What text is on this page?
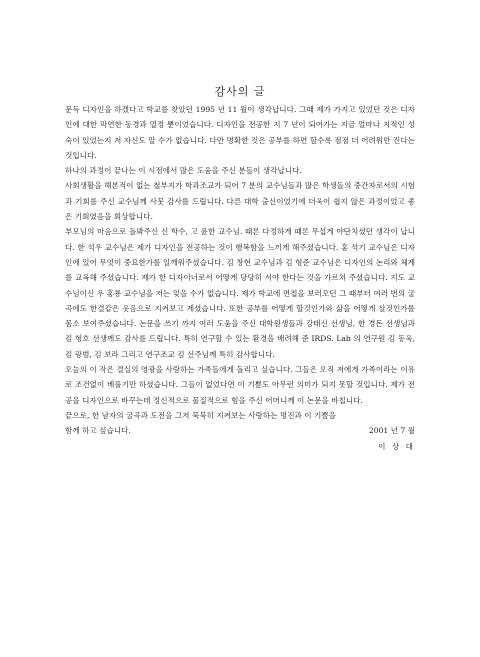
감사의 글

문득 디자인을 하겠다고 학교를 찾았던 1995 년 11 월이 생각납니다. 그때 제가 가지고 있었던 것은 디자인에 대한 막연한 동경과 열정 뿐이었습니다. 디자인을 전공한 지 7 년이 되어가는 지금 얼마나 지적인 성숙이 있었는지 저 자신도 알 수가 없습니다. 다만 명확한 것은 공부를 하면 할수록 점점 더 어려워만 진다는 것입니다.

하나의 과정이 끝나는 이 시점에서 많은 도움을 주신 분들이 생각납니다.

사회생활을 해본적이 없는 철부지가 학과조교가 되어 7 분의 교수님들과 많은 학생들의 중간자로서의 시험과 기회를 주신 교수님께 사뭇 감사를 드립니다. 다른 대학 출신이었기에 더욱이 쉽지 않은 과정이었고 좋은 기회였음을 회상합니다.

부모님의 마음으로 돌봐주신 신 학수, 고 윤한 교수님. 때론 다정하게 때론 무섭게 야단치셨던 생각이 납니다. 한 석우 교수님은 제가 디자인을 전공하는 것이 행복함을 느끼게 해주셨습니다. 홍 석기 교수님은 디자인에 있어 무엇이 중요한가를 일깨워주셨습니다. 김 창현 교수님과 김 형준 교수님은 디자인의 논리와 체계를 교육해 주셨습니다. 제가 한 디자이너로서 어떻게 당당히 서야 한다는 것을 가르쳐 주셨습니다. 지도 교수님이신 우 홍룡 교수님을 저는 잊을 수가 없습니다. 제가 학교에 면접을 보러오던 그 때부터 여러 번의 굴곡에도 한결같은 웃음으로 지켜보고 계셨습니다. 또한 공부를 어떻게 할것인가와 삶을 어떻게 살것인가를 몸소 보여주셨습니다. 논문을 쓰기 까지 여러 도움을 주신 대학원생들과 강태신 선생님, 한 경돈 선생님과 김 형호 선생께도 감사를 드립니다. 특히 연구할 수 있는 환경을 배려해 준 IRDS. Lab 의 연구원 김 동욱, 김 광범, 김 보라 그리고 연구조교 김 선주님께 특히 감사합니다.

오늘의 이 작은 결실의 영광을 사랑하는 가족들에게 돌리고 싶습니다. 그들은 오직 저에게 가족이라는 이유로 조건없이 베풀기만 하셨습니다. 그들이 없었다면 이 기쁨도 아무런 의미가 되지 못할 것입니다. 제가 전공을 디자인으로 바꾸는데 정신적으로 물질적으로 힘을 주신 어머니께 이 논문을 바칩니다.

끝으로, 한 남자의 굴곡과 도전을 그저 묵묵히 지켜보는 사랑하는 명진과 이 기쁨을

함께 하고 싶습니다.	2001 년 7 월
이 상 대
